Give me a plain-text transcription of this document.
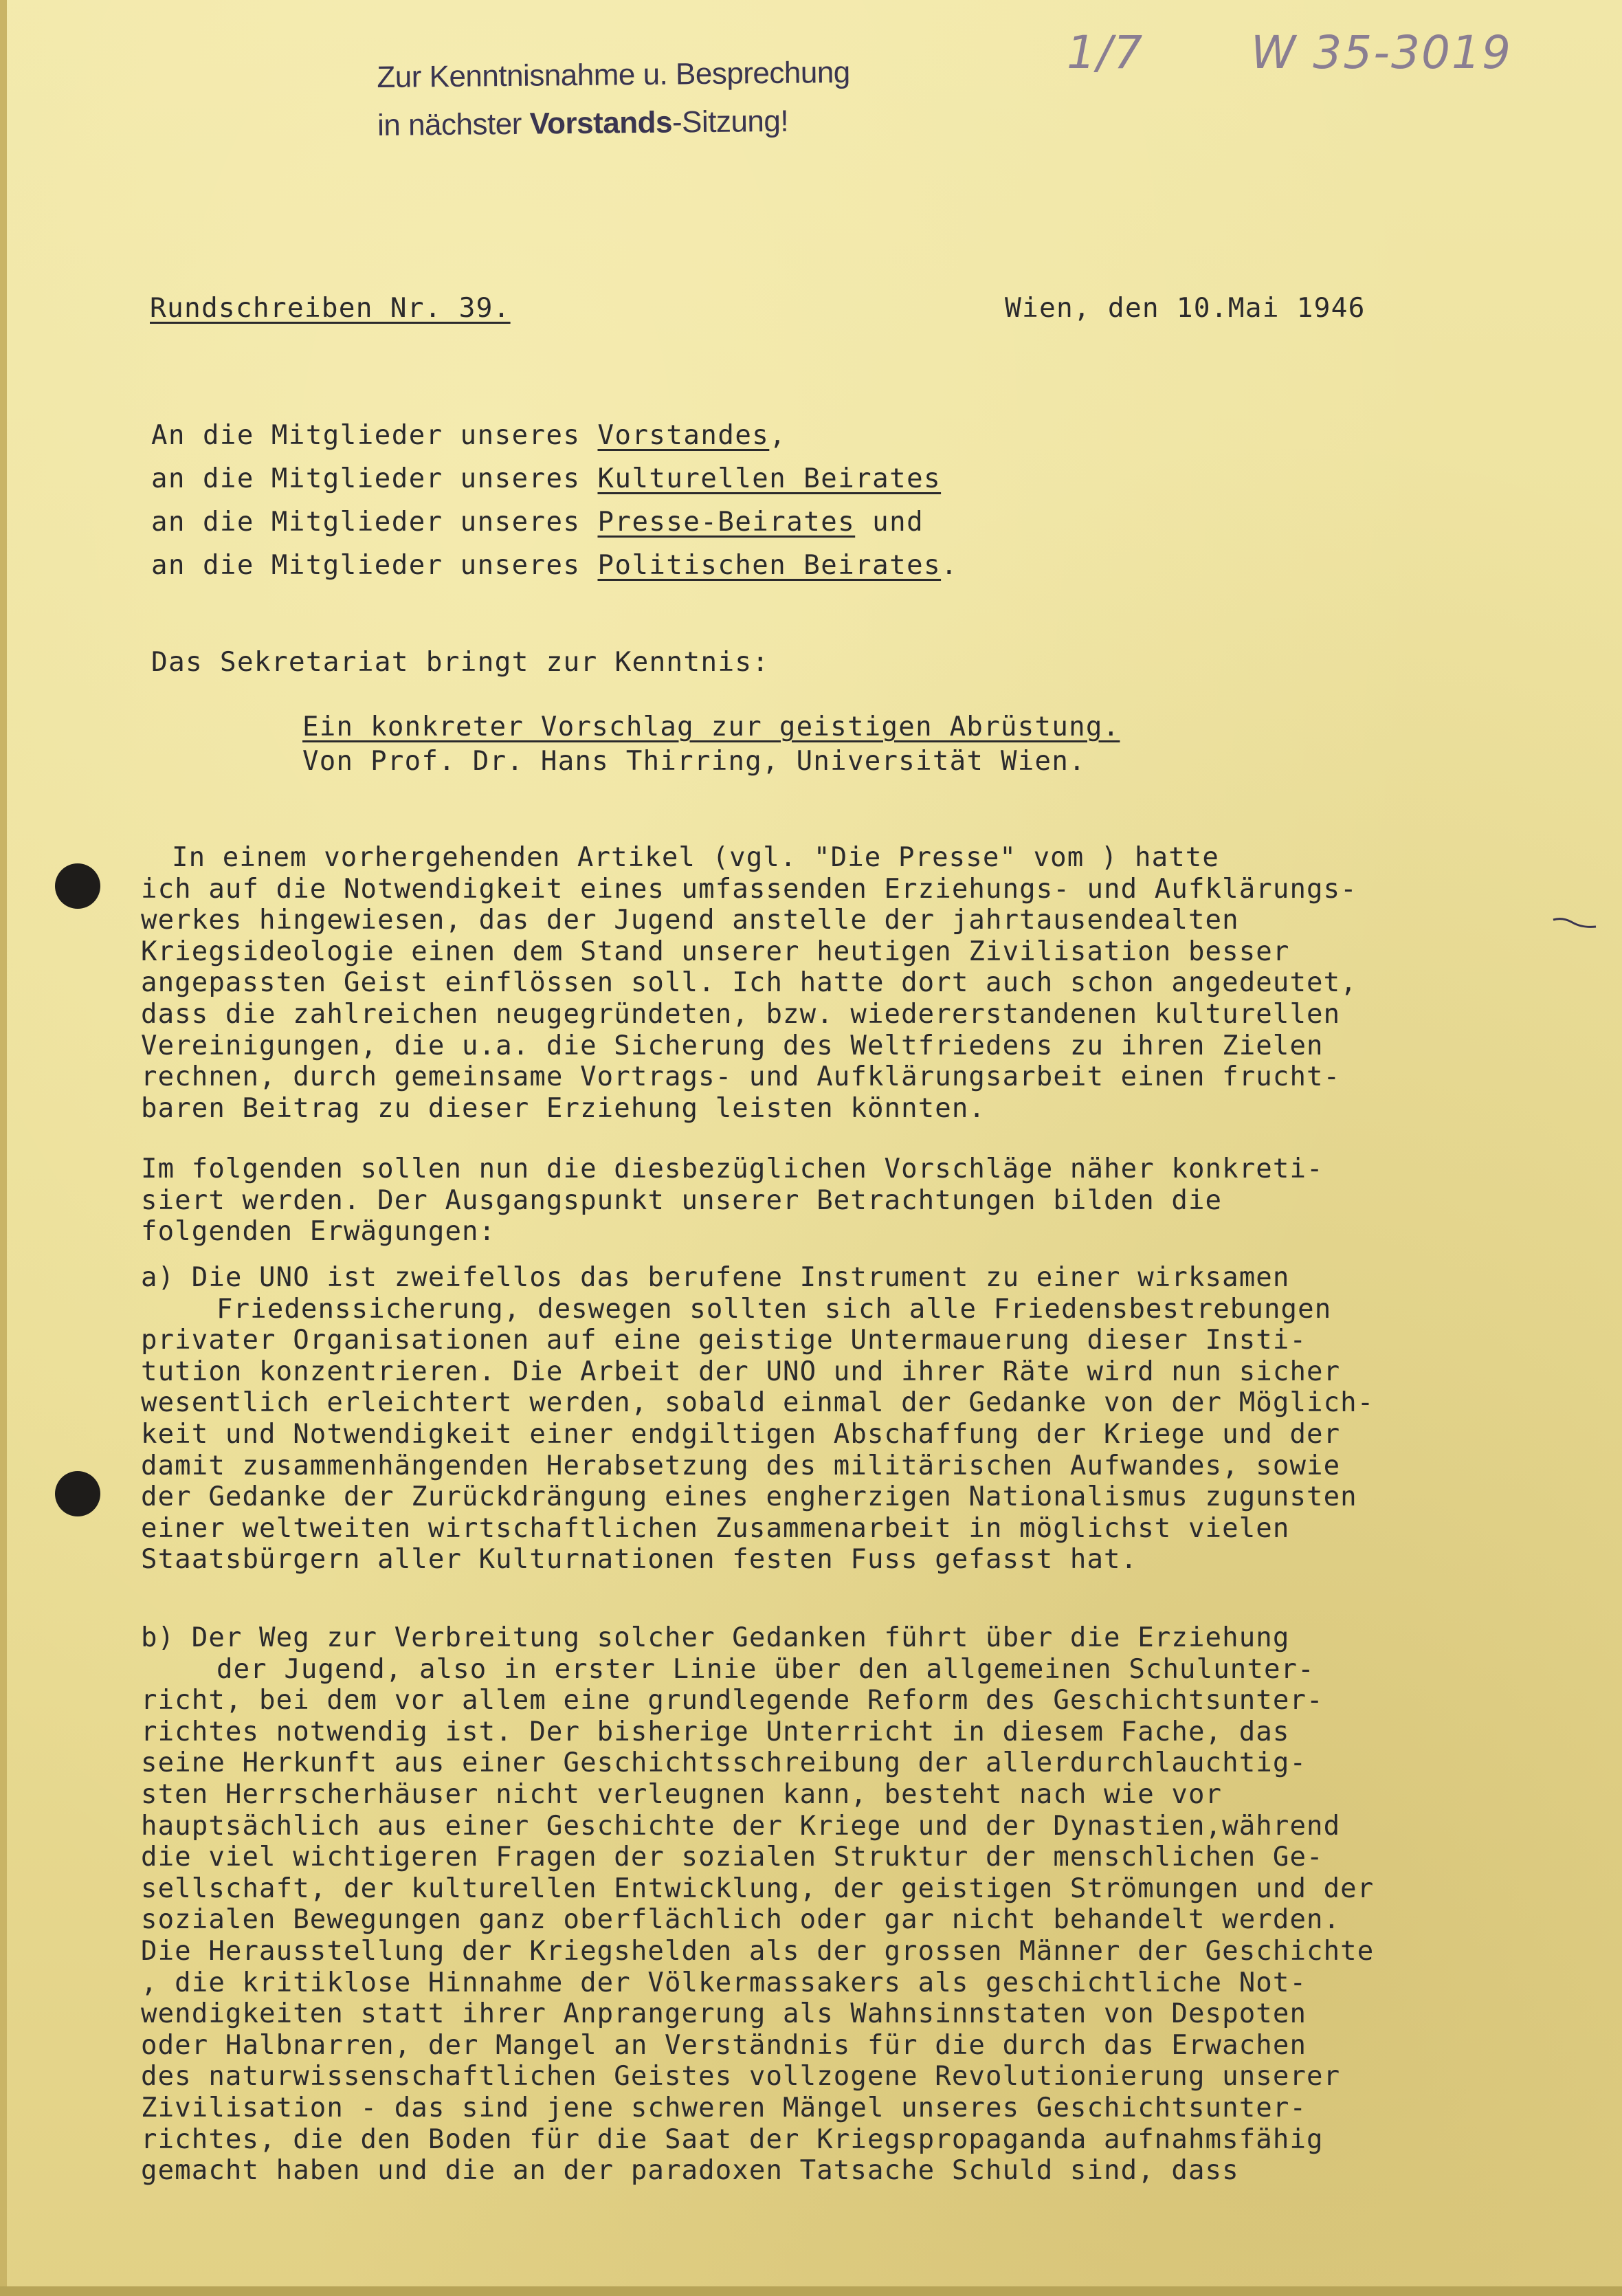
Zur Kenntnisnahme u. Besprechung
in nächster Vorstands-Sitzung!
1/7 W 35-3019
Rundschreiben Nr. 39.	Wien, den 10.Mai 1946
An die Mitglieder unseres Vorstandes,
an die Mitglieder unseres Kulturellen Beirates
an die Mitglieder unseres Presse-Beirates und
an die Mitglieder unseres Politischen Beirates.
Das Sekretariat bringt zur Kenntnis:
Ein konkreter Vorschlag zur geistigen Abrüstung.
Von Prof. Dr. Hans Thirring, Universität Wien.
In einem vorhergehenden Artikel (vgl. "Die Presse" vom ) hatte
ich auf die Notwendigkeit eines umfassenden Erziehungs- und Aufklärungs-
werkes hingewiesen, das der Jugend anstelle der jahrtausendealten
Kriegsideologie einen dem Stand unserer heutigen Zivilisation besser
angepassten Geist einflössen soll. Ich hatte dort auch schon angedeutet,
dass die zahlreichen neugegründeten, bzw. wiedererstandenen kulturellen
Vereinigungen, die u.a. die Sicherung des Weltfriedens zu ihren Zielen
rechnen, durch gemeinsame Vortrags- und Aufklärungsarbeit einen frucht-
baren Beitrag zu dieser Erziehung leisten könnten.
Im folgenden sollen nun die diesbezüglichen Vorschläge näher konkreti-
siert werden. Der Ausgangspunkt unserer Betrachtungen bilden die
folgenden Erwägungen:
a) Die UNO ist zweifellos das berufene Instrument zu einer wirksamen
Friedenssicherung, deswegen sollten sich alle Friedensbestrebungen
privater Organisationen auf eine geistige Untermauerung dieser Insti-
tution konzentrieren. Die Arbeit der UNO und ihrer Räte wird nun sicher
wesentlich erleichtert werden, sobald einmal der Gedanke von der Möglich-
keit und Notwendigkeit einer endgiltigen Abschaffung der Kriege und der
damit zusammenhängenden Herabsetzung des militärischen Aufwandes, sowie
der Gedanke der Zurückdrängung eines engherzigen Nationalismus zugunsten
einer weltweiten wirtschaftlichen Zusammenarbeit in möglichst vielen
Staatsbürgern aller Kulturnationen festen Fuss gefasst hat.
b) Der Weg zur Verbreitung solcher Gedanken führt über die Erziehung
der Jugend, also in erster Linie über den allgemeinen Schulunter-
richt, bei dem vor allem eine grundlegende Reform des Geschichtsunter-
richtes notwendig ist. Der bisherige Unterricht in diesem Fache, das
seine Herkunft aus einer Geschichtsschreibung der allerdurchlauchtig-
sten Herrscherhäuser nicht verleugnen kann, besteht nach wie vor
hauptsächlich aus einer Geschichte der Kriege und der Dynastien,während
die viel wichtigeren Fragen der sozialen Struktur der menschlichen Ge-
sellschaft, der kulturellen Entwicklung, der geistigen Strömungen und der
sozialen Bewegungen ganz oberflächlich oder gar nicht behandelt werden.
Die Herausstellung der Kriegshelden als der grossen Männer der Geschichte
, die kritiklose Hinnahme der Völkermassakers als geschichtliche Not-
wendigkeiten statt ihrer Anprangerung als Wahnsinnstaten von Despoten
oder Halbnarren, der Mangel an Verständnis für die durch das Erwachen
des naturwissenschaftlichen Geistes vollzogene Revolutionierung unserer
Zivilisation - das sind jene schweren Mängel unseres Geschichtsunter-
richtes, die den Boden für die Saat der Kriegspropaganda aufnahmsfähig
gemacht haben und die an der paradoxen Tatsache Schuld sind, dass
